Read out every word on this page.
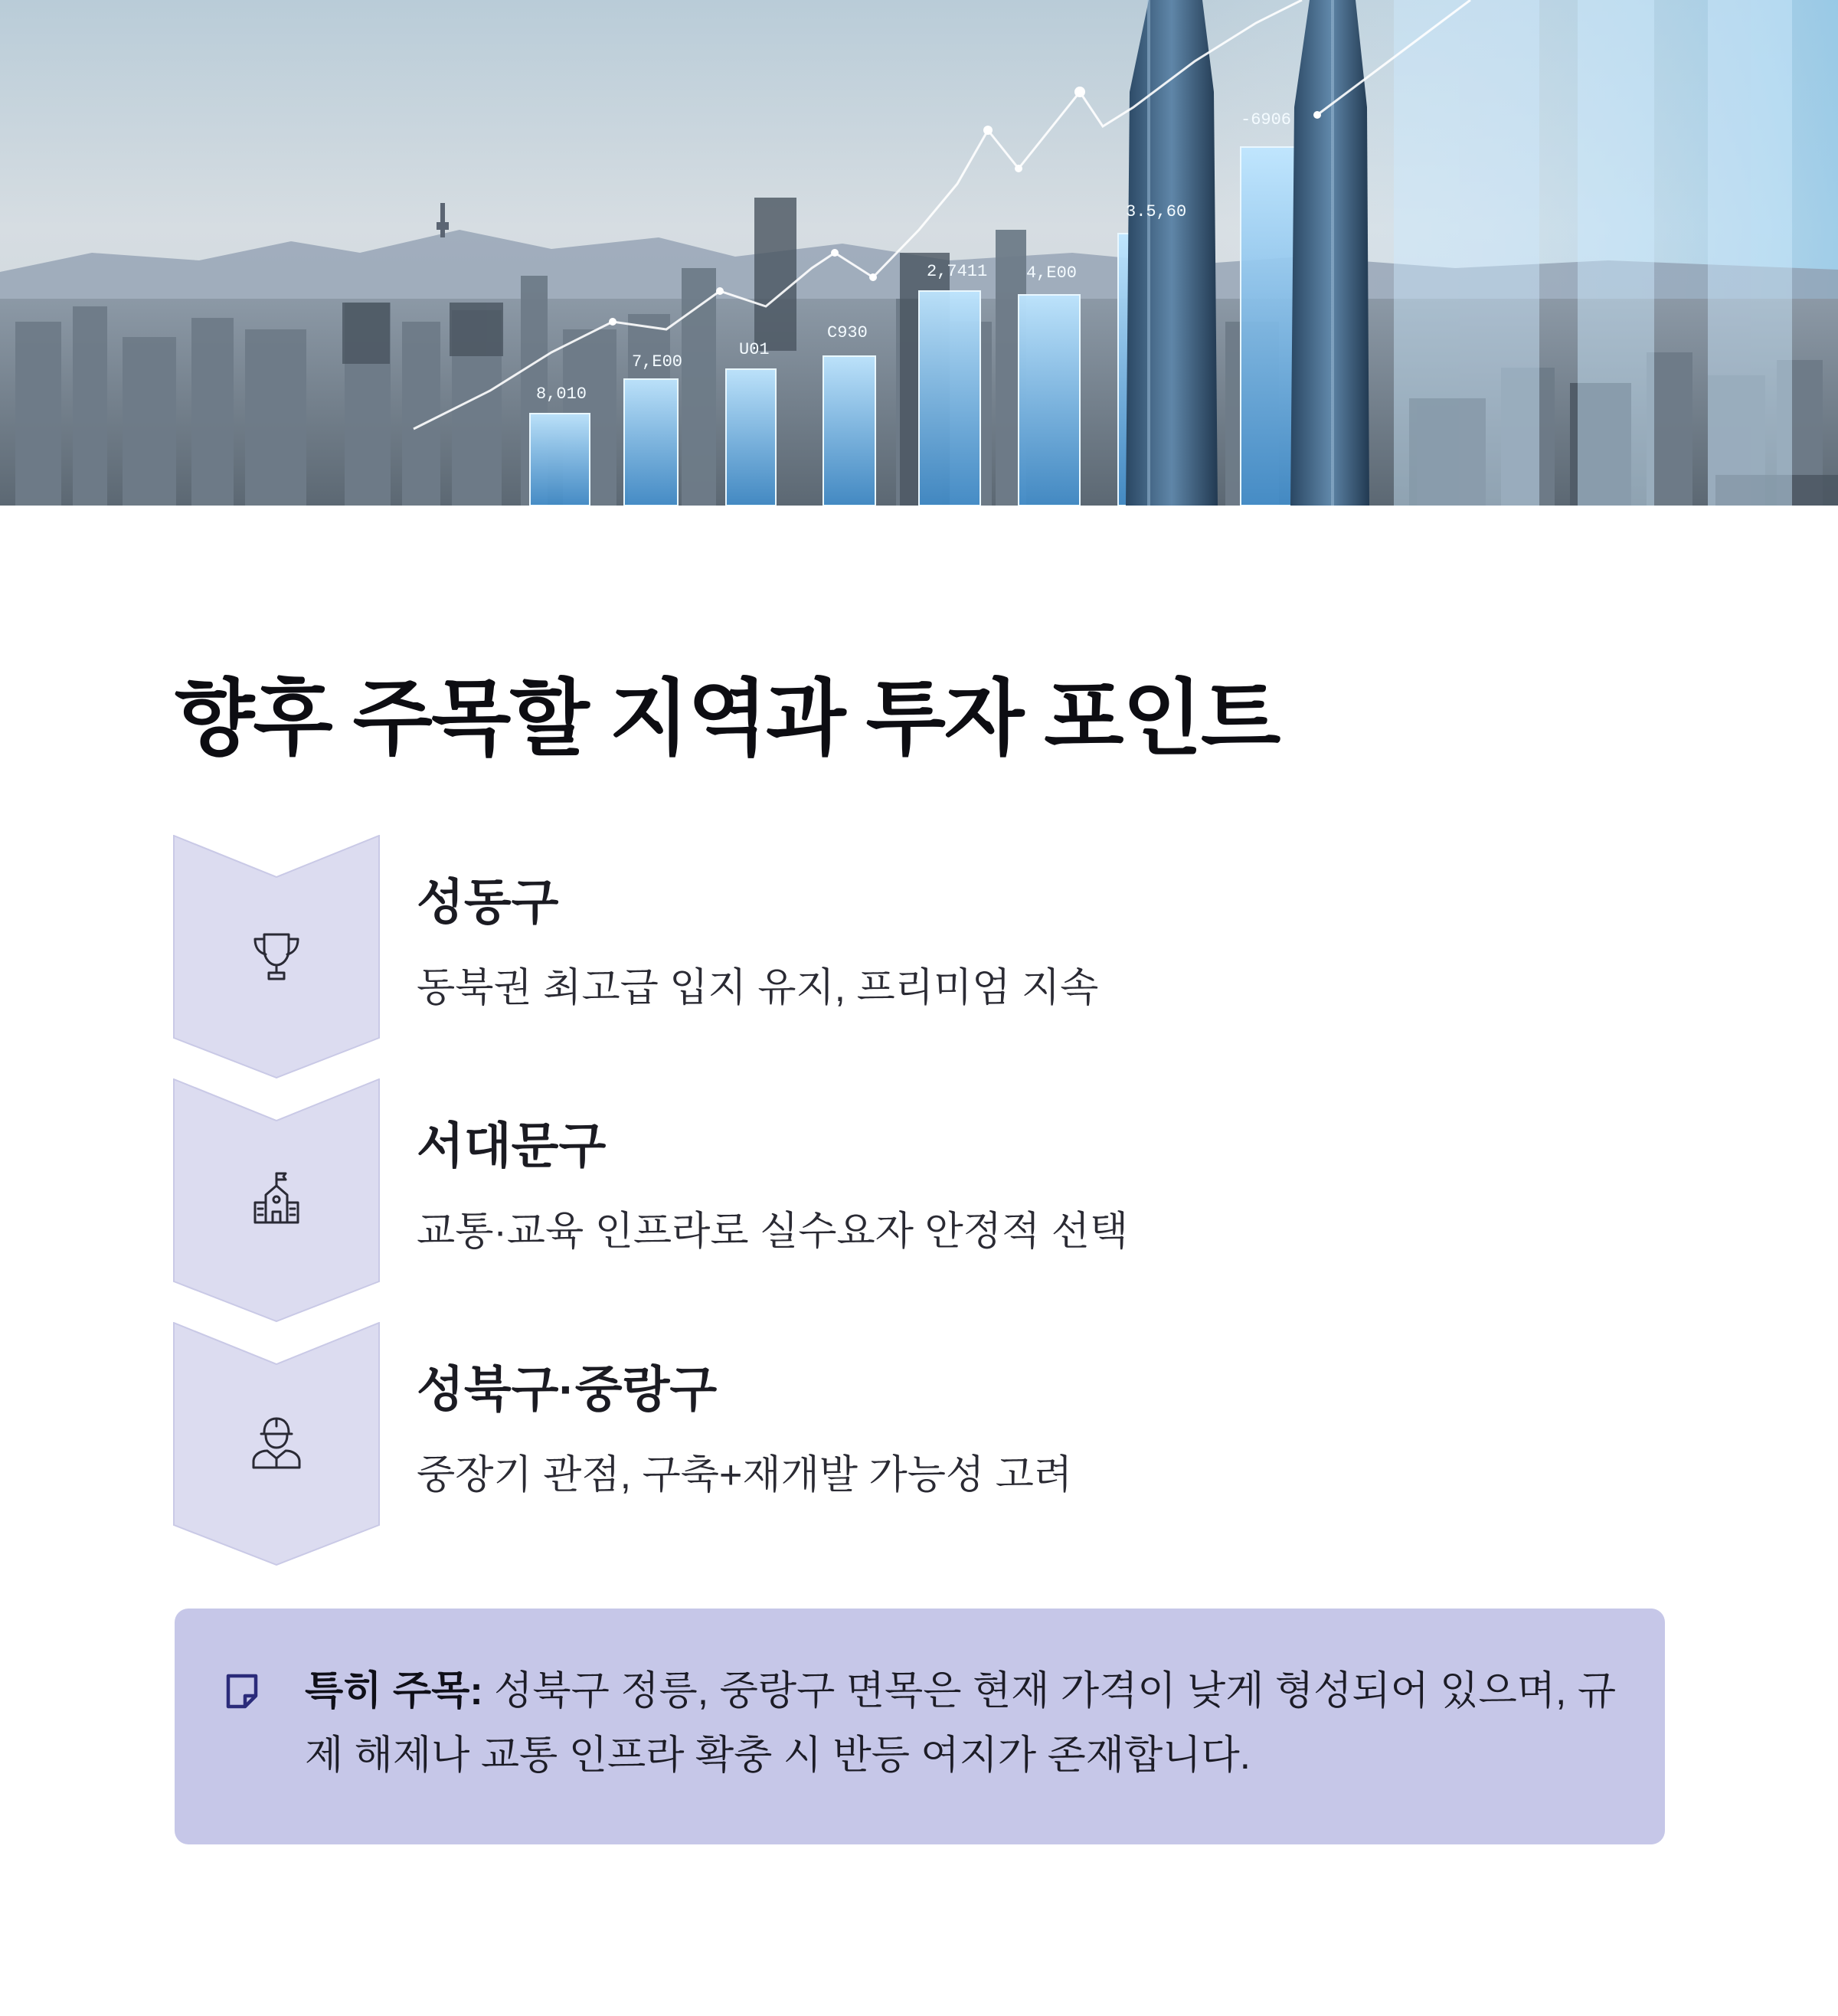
8,010
7,E00
U01
C930
2,7411 4,E00
3.5,60
-6906
향후 주목할 지역과 투자 포인트
성동구
동북권 최고급 입지 유지, 프리미엄 지속
서대문구
교통·교육 인프라로 실수요자 안정적 선택
성북구·중랑구
중장기 관점, 구축+재개발 가능성 고려

특히 주목: 성북구 정릉, 중랑구 면목은 현재 가격이 낮게 형성되어 있으며, 규제 해제나 교통 인프라 확충 시 반등 여지가 존재합니다.
